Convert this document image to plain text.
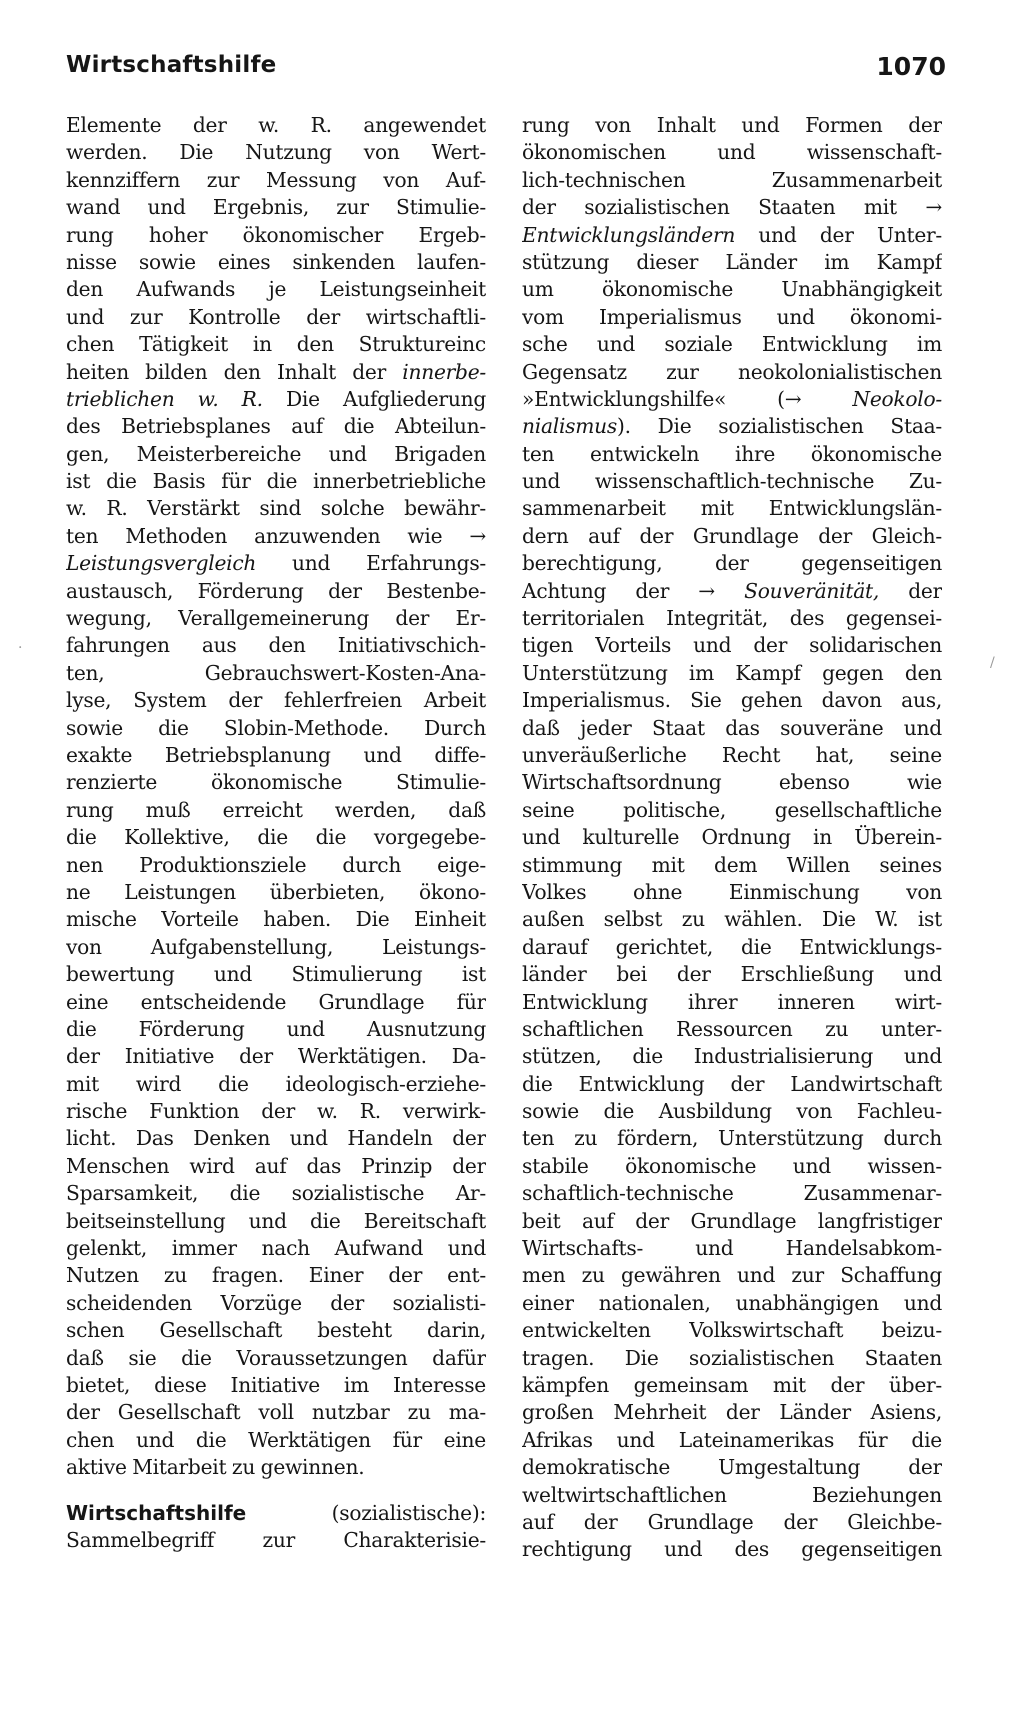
Wirtschaftshilfe	1070
Elemente der w. R. angewendet
werden. Die Nutzung von Wert-
kennziffern zur Messung von Auf-
wand und Ergebnis, zur Stimulie-
rung hoher ökonomischer Ergeb-
nisse sowie eines sinkenden laufen-
den Aufwands je Leistungseinheit
und zur Kontrolle der wirtschaftli-
chen Tätigkeit in den Struktureinc
heiten bilden den Inhalt der innerbe-
trieblichen w. R. Die Aufgliederung
des Betriebsplanes auf die Abteilun-
gen, Meisterbereiche und Brigaden
ist die Basis für die innerbetriebliche
w. R. Verstärkt sind solche bewähr-
ten Methoden anzuwenden wie →
Leistungsvergleich und Erfahrungs-
austausch, Förderung der Bestenbe-
wegung, Verallgemeinerung der Er-
fahrungen aus den Initiativschich-
ten, Gebrauchswert-Kosten-Ana-
lyse, System der fehlerfreien Arbeit
sowie die Slobin-Methode. Durch
exakte Betriebsplanung und diffe-
renzierte ökonomische Stimulie-
rung muß erreicht werden, daß
die Kollektive, die die vorgegebe-
nen Produktionsziele durch eige-
ne Leistungen überbieten, ökono-
mische Vorteile haben. Die Einheit
von Aufgabenstellung, Leistungs-
bewertung und Stimulierung ist
eine entscheidende Grundlage für
die Förderung und Ausnutzung
der Initiative der Werktätigen. Da-
mit wird die ideologisch-erziehe-
rische Funktion der w. R. verwirk-
licht. Das Denken und Handeln der
Menschen wird auf das Prinzip der
Sparsamkeit, die sozialistische Ar-
beitseinstellung und die Bereitschaft
gelenkt, immer nach Aufwand und
Nutzen zu fragen. Einer der ent-
scheidenden Vorzüge der sozialisti-
schen Gesellschaft besteht darin,
daß sie die Voraussetzungen dafür
bietet, diese Initiative im Interesse
der Gesellschaft voll nutzbar zu ma-
chen und die Werktätigen für eine
aktive Mitarbeit zu gewinnen.
Wirtschaftshilfe (sozialistische):
Sammelbegriff zur Charakterisie-
rung von Inhalt und Formen der
ökonomischen und wissenschaft-
lich-technischen Zusammenarbeit
der sozialistischen Staaten mit →
Entwicklungsländern und der Unter-
stützung dieser Länder im Kampf
um ökonomische Unabhängigkeit
vom Imperialismus und ökonomi-
sche und soziale Entwicklung im
Gegensatz zur neokolonialistischen
»Entwicklungshilfe« (→ Neokolo-
nialismus). Die sozialistischen Staa-
ten entwickeln ihre ökonomische
und wissenschaftlich-technische Zu-
sammenarbeit mit Entwicklungslän-
dern auf der Grundlage der Gleich-
berechtigung, der gegenseitigen
Achtung der → Souveränität, der
territorialen Integrität, des gegensei-
tigen Vorteils und der solidarischen
Unterstützung im Kampf gegen den
Imperialismus. Sie gehen davon aus,
daß jeder Staat das souveräne und
unveräußerliche Recht hat, seine
Wirtschaftsordnung ebenso wie
seine politische, gesellschaftliche
und kulturelle Ordnung in Überein-
stimmung mit dem Willen seines
Volkes ohne Einmischung von
außen selbst zu wählen. Die W. ist
darauf gerichtet, die Entwicklungs-
länder bei der Erschließung und
Entwicklung ihrer inneren wirt-
schaftlichen Ressourcen zu unter-
stützen, die Industrialisierung und
die Entwicklung der Landwirtschaft
sowie die Ausbildung von Fachleu-
ten zu fördern, Unterstützung durch
stabile ökonomische und wissen-
schaftlich-technische Zusammenar-
beit auf der Grundlage langfristiger
Wirtschafts- und Handelsabkom-
men zu gewähren und zur Schaffung
einer nationalen, unabhängigen und
entwickelten Volkswirtschaft beizu-
tragen. Die sozialistischen Staaten
kämpfen gemeinsam mit der über-
großen Mehrheit der Länder Asiens,
Afrikas und Lateinamerikas für die
demokratische Umgestaltung der
weltwirtschaftlichen Beziehungen
auf der Grundlage der Gleichbe-
rechtigung und des gegenseitigen
·
/
